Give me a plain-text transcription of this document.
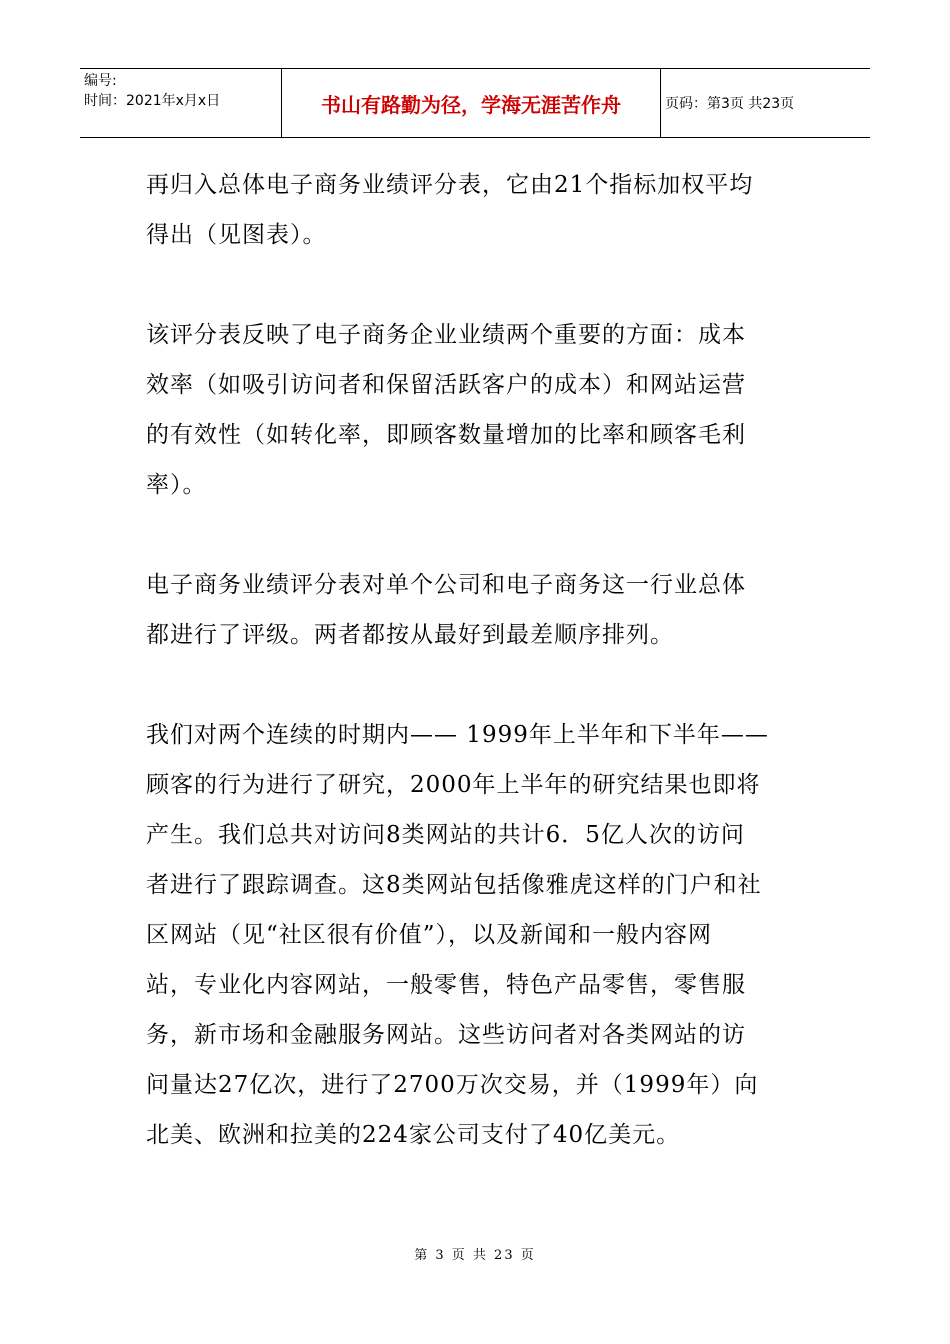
编号:
时间：2021年x月x日	书山有路勤为径，学海无涯苦作舟	页码：第3页 共23页

再归入总体电子商务业绩评分表，它由21个指标加权平均
得出（见图表）。

该评分表反映了电子商务企业业绩两个重要的方面：成本
效率（如吸引访问者和保留活跃客户的成本）和网站运营
的有效性（如转化率，即顾客数量增加的比率和顾客毛利
率）。

电子商务业绩评分表对单个公司和电子商务这一行业总体
都进行了评级。两者都按从最好到最差顺序排列。

我们对两个连续的时期内—— 1999年上半年和下半年——
顾客的行为进行了研究，2000年上半年的研究结果也即将
产生。我们总共对访问8类网站的共计6．5亿人次的访问
者进行了跟踪调查。这8类网站包括像雅虎这样的门户和社
区网站（见“社区很有价值”），以及新闻和一般内容网
站，专业化内容网站，一般零售，特色产品零售，零售服
务，新市场和金融服务网站。这些访问者对各类网站的访
问量达27亿次，进行了2700万次交易，并（1999年）向
北美、欧洲和拉美的224家公司支付了40亿美元。

第 3 页 共 23 页
